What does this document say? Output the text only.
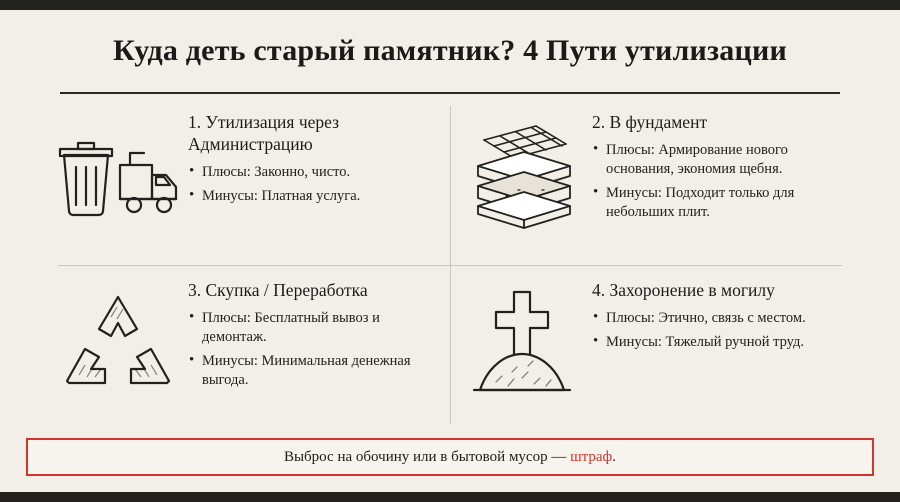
Куда деть старый памятник? 4 Пути утилизации
1. Утилизация через Администрацию
• Плюсы: Законно, чисто.
• Минусы: Платная услуга.
2. В фундамент
• Плюсы: Армирование нового основания, экономия щебня.
• Минусы: Подходит только для небольших плит.
3. Скупка / Переработка
• Плюсы: Бесплатный вывоз и демонтаж.
• Минусы: Минимальная денежная выгода.
4. Захоронение в могилу
• Плюсы: Этично, связь с местом.
• Минусы: Тяжелый ручной труд.
Выброс на обочину или в бытовой мусор — штраф.
